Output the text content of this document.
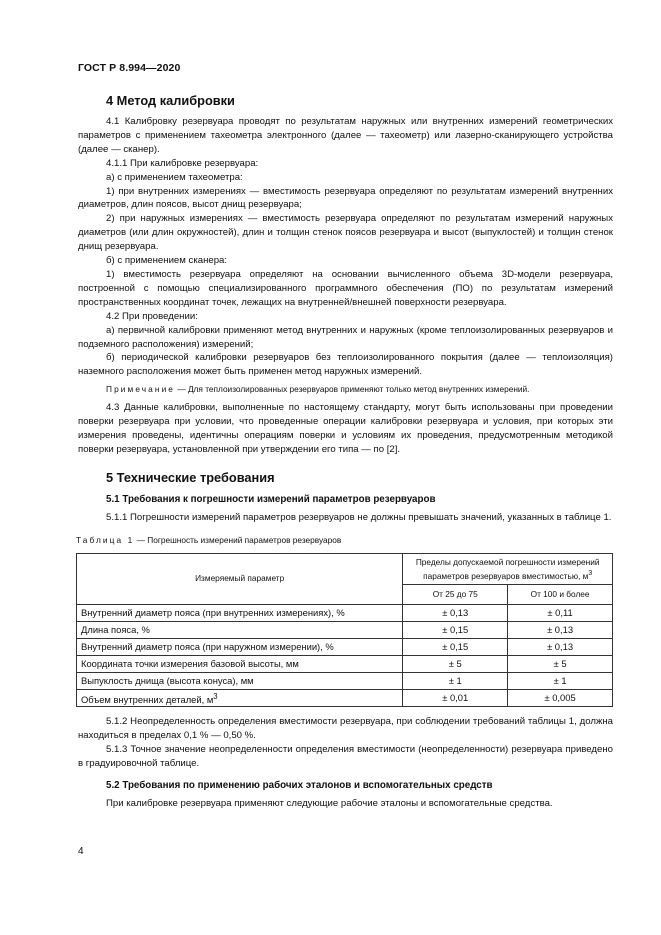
ГОСТ Р 8.994—2020
4 Метод калибровки

4.1 Калибровку резервуара проводят по результатам наружных или внутренних измерений геометрических параметров с применением тахеометра электронного (далее — тахеометр) или лазерно-сканирующего устройства (далее — сканер).

4.1.1 При калибровке резервуара:

а) с применением тахеометра:

1) при внутренних измерениях — вместимость резервуара определяют по результатам измерений внутренних диаметров, длин поясов, высот днищ резервуара;

2) при наружных измерениях — вместимость резервуара определяют по результатам измерений наружных диаметров (или длин окружностей), длин и толщин стенок поясов резервуара и высот (выпуклостей) и толщин стенок днищ резервуара.

б) с применением сканера:

1) вместимость резервуара определяют на основании вычисленного объема 3D-модели резервуара, построенной с помощью специализированного программного обеспечения (ПО) по результатам измерений пространственных координат точек, лежащих на внутренней/внешней поверхности резервуара.

4.2 При проведении:

а) первичной калибровки применяют метод внутренних и наружных (кроме теплоизолированных резервуаров и подземного расположения) измерений;

б) периодической калибровки резервуаров без теплоизолированного покрытия (далее — теплоизоляция) наземного расположения может быть применен метод наружных измерений.

Примечание — Для теплоизолированных резервуаров применяют только метод внутренних измерений.

4.3 Данные калибровки, выполненные по настоящему стандарту, могут быть использованы при проведении поверки резервуара при условии, что проведенные операции калибровки резервуара и условия, при которых эти измерения проведены, идентичны операциям поверки и условиям их проведения, предусмотренным методикой поверки резервуара, установленной при утверждении его типа — по [2].

5 Технические требования
5.1 Требования к погрешности измерений параметров резервуаров

5.1.1 Погрешности измерений параметров резервуаров не должны превышать значений, указанных в таблице 1.

Таблица 1 — Погрешность измерений параметров резервуаров
Измеряемый параметр	Пределы допускаемой погрешности измерений параметров резервуаров вместимостью, $м^3$
	От 25 до 75	От 100 и более
Внутренний диаметр пояса (при внутренних измерениях), %	± 0,13	± 0,11
Длина пояса, %	± 0,15	± 0,13
Внутренний диаметр пояса (при наружном измерении), %	± 0,15	± 0,13
Координата точки измерения базовой высоты, мм	± 5	± 5
Выпуклость днища (высота конуса), мм	± 1	± 1
Объем внутренних деталей, $м^3$	± 0,01	± 0,005

5.1.2 Неопределенность определения вместимости резервуара, при соблюдении требований таблицы 1, должна находиться в пределах 0,1 % — 0,50 %.

5.1.3 Точное значение неопределенности определения вместимости (неопределенности) резервуара приведено в градуировочной таблице.

5.2 Требования по применению рабочих эталонов и вспомогательных средств

При калибровке резервуара применяют следующие рабочие эталоны и вспомогательные средства.

4
